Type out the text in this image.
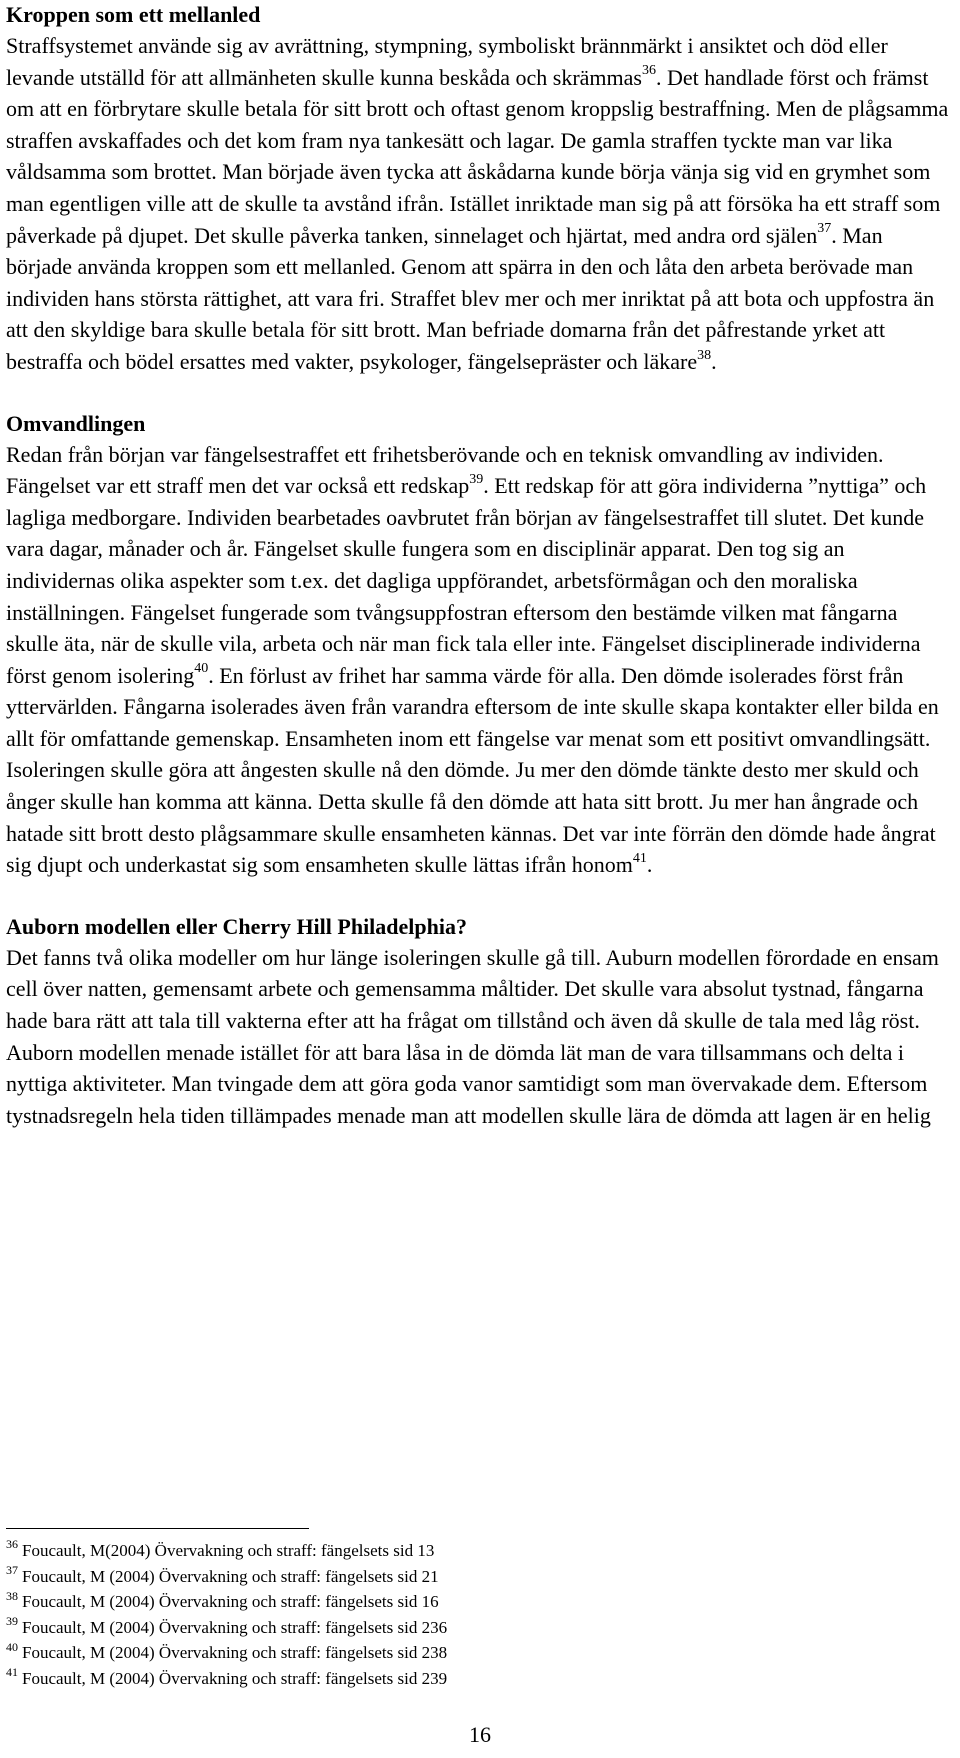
Kroppen som ett mellanled

Straffsystemet använde sig av avrättning, stympning, symboliskt brännmärkt i ansiktet och död eller levande utställd för att allmänheten skulle kunna beskåda och skrämmas$^{36}$. Det handlade först och främst om att en förbrytare skulle betala för sitt brott och oftast genom kroppslig bestraffning. Men de plågsamma straffen avskaffades och det kom fram nya tankesätt och lagar. De gamla straffen tyckte man var lika våldsamma som brottet. Man började även tycka att åskådarna kunde börja vänja sig vid en grymhet som man egentligen ville att de skulle ta avstånd ifrån. Istället inriktade man sig på att försöka ha ett straff som påverkade på djupet. Det skulle påverka tanken, sinnelaget och hjärtat, med andra ord själen$^{37}$. Man började använda kroppen som ett mellanled. Genom att spärra in den och låta den arbeta berövade man individen hans största rättighet, att vara fri. Straffet blev mer och mer inriktat på att bota och uppfostra än att den skyldige bara skulle betala för sitt brott. Man befriade domarna från det påfrestande yrket att bestraffa och bödel ersattes med vakter, psykologer, fängelsepräster och läkare$^{38}$.

Omvandlingen

Redan från början var fängelsestraffet ett frihetsberövande och en teknisk omvandling av individen. Fängelset var ett straff men det var också ett redskap$^{39}$. Ett redskap för att göra individerna ”nyttiga” och lagliga medborgare. Individen bearbetades oavbrutet från början av fängelsestraffet till slutet. Det kunde vara dagar, månader och år. Fängelset skulle fungera som en disciplinär apparat. Den tog sig an individernas olika aspekter som t.ex. det dagliga uppförandet, arbetsförmågan och den moraliska inställningen. Fängelset fungerade som tvångsuppfostran eftersom den bestämde vilken mat fångarna skulle äta, när de skulle vila, arbeta och när man fick tala eller inte. Fängelset disciplinerade individerna först genom isolering$^{40}$. En förlust av frihet har samma värde för alla. Den dömde isolerades först från yttervärlden. Fångarna isolerades även från varandra eftersom de inte skulle skapa kontakter eller bilda en allt för omfattande gemenskap. Ensamheten inom ett fängelse var menat som ett positivt omvandlingsätt. Isoleringen skulle göra att ångesten skulle nå den dömde. Ju mer den dömde tänkte desto mer skuld och ånger skulle han komma att känna. Detta skulle få den dömde att hata sitt brott. Ju mer han ångrade och hatade sitt brott desto plågsammare skulle ensamheten kännas. Det var inte förrän den dömde hade ångrat sig djupt och underkastat sig som ensamheten skulle lättas ifrån honom$^{41}$.

Auborn modellen eller Cherry Hill Philadelphia?

Det fanns två olika modeller om hur länge isoleringen skulle gå till. Auburn modellen förordade en ensam cell över natten, gemensamt arbete och gemensamma måltider. Det skulle vara absolut tystnad, fångarna hade bara rätt att tala till vakterna efter att ha frågat om tillstånd och även då skulle de tala med låg röst. Auborn modellen menade istället för att bara låsa in de dömda lät man de vara tillsammans och delta i nyttiga aktiviteter. Man tvingade dem att göra goda vanor samtidigt som man övervakade dem. Eftersom tystnadsregeln hela tiden tillämpades menade man att modellen skulle lära de dömda att lagen är en helig

$^{36}$ Foucault, M(2004) Övervakning och straff: fängelsets sid 13

$^{37}$ Foucault, M (2004) Övervakning och straff: fängelsets sid 21

$^{38}$ Foucault, M (2004) Övervakning och straff: fängelsets sid 16

$^{39}$ Foucault, M (2004) Övervakning och straff: fängelsets sid 236

$^{40}$ Foucault, M (2004) Övervakning och straff: fängelsets sid 238

$^{41}$ Foucault, M (2004) Övervakning och straff: fängelsets sid 239

16
